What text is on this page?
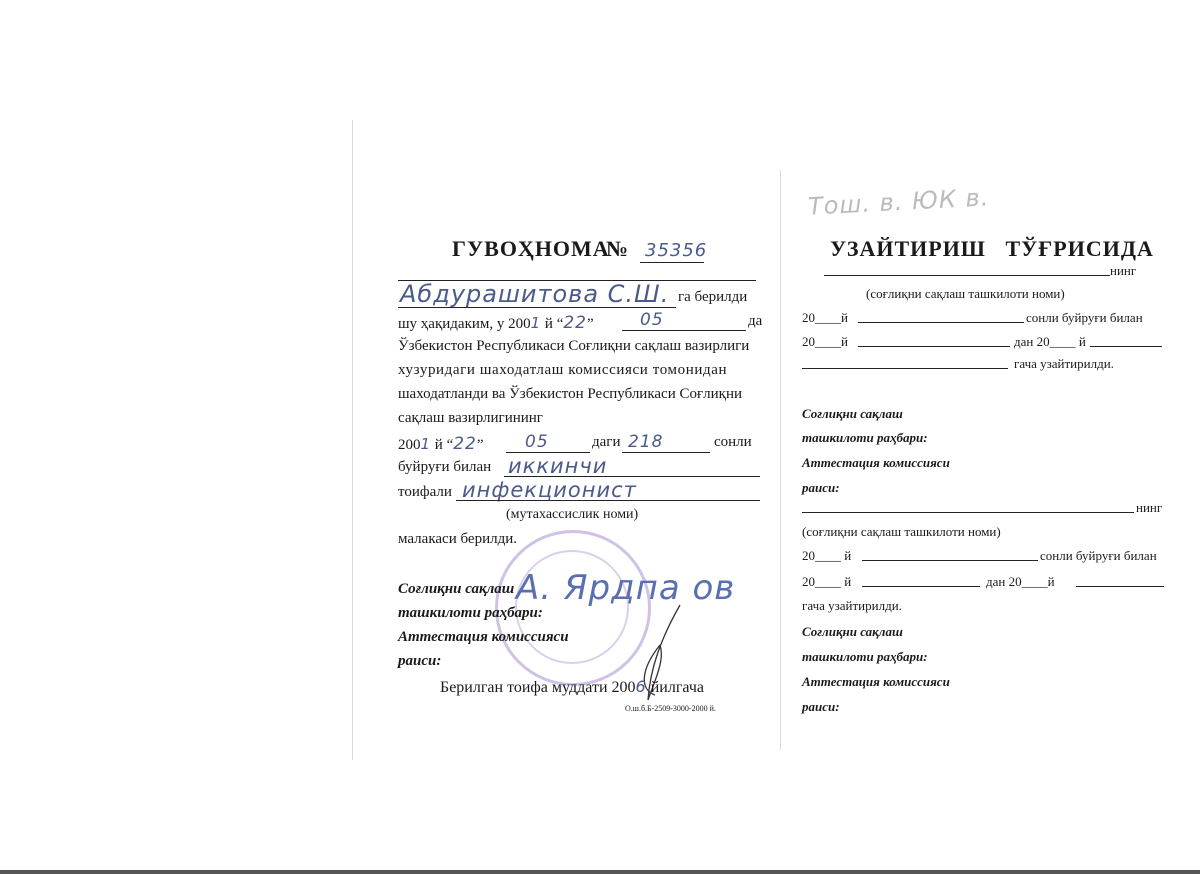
Тош. в. ЮК в.
ГУВОҲНОМА
№ 35356
Абдурашитова С.Ш. га берилди
шу ҳақидаким, у 2001 й “22”	05	да
Ўзбекистон Республикаси Соғлиқни сақлаш вазирлиги
хузуридаги шаходатлаш комиссияси томонидан
шаходатланди ва Ўзбекистон Республикаси Соғлиқни
сақлаш вазирлигининг
2001 й “22” 05	даги 218	сонли
буйруғи билан иккинчи
тоифали инфекционист
(мутахассислик номи)
малакаси берилди.
Соғлиқни сақлаш
ташкилоти раҳбари:
Аттестация комиссияси
раиси:
А. Ярдпа ов
Берилган тоифа муддати 2006 йилгача
О.ш.б.Б-2509-3000-2000 й.
УЗАЙТИРИШ   ТЎҒРИСИДА
нинг
(соғлиқни сақлаш ташкилоти номи)
20____й	сонли буйруғи билан
20____й	дан 20____ й
гача узайтирилди.
Соғлиқни сақлаш
ташкилоти раҳбари:
Аттестация комиссияси
раиси:
нинг
(соғлиқни сақлаш ташкилоти номи)
20____ й	сонли буйруғи билан
20____ й	дан 20____й
гача узайтирилди.
Соғлиқни сақлаш
ташкилоти раҳбари:
Аттестация комиссияси
раиси:
